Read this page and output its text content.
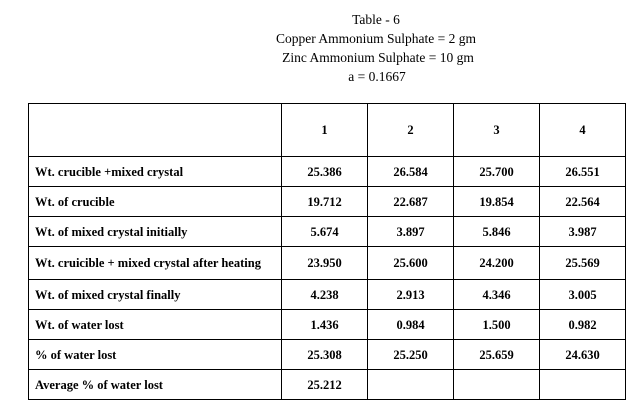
Table - 6
Copper Ammonium Sulphate = 2 gm
Zinc Ammonium Sulphate = 10 gm
a = 0.1667
	1	2	3	4
Wt. crucible +mixed crystal	25.386	26.584	25.700	26.551
Wt. of crucible	19.712	22.687	19.854	22.564
Wt. of mixed crystal initially	5.674	3.897	5.846	3.987
Wt. cruicible + mixed crystal after heating	23.950	25.600	24.200	25.569
Wt. of mixed crystal finally	4.238	2.913	4.346	3.005
Wt. of water lost	1.436	0.984	1.500	0.982
% of water lost	25.308	25.250	25.659	24.630
Average % of water lost	25.212			
